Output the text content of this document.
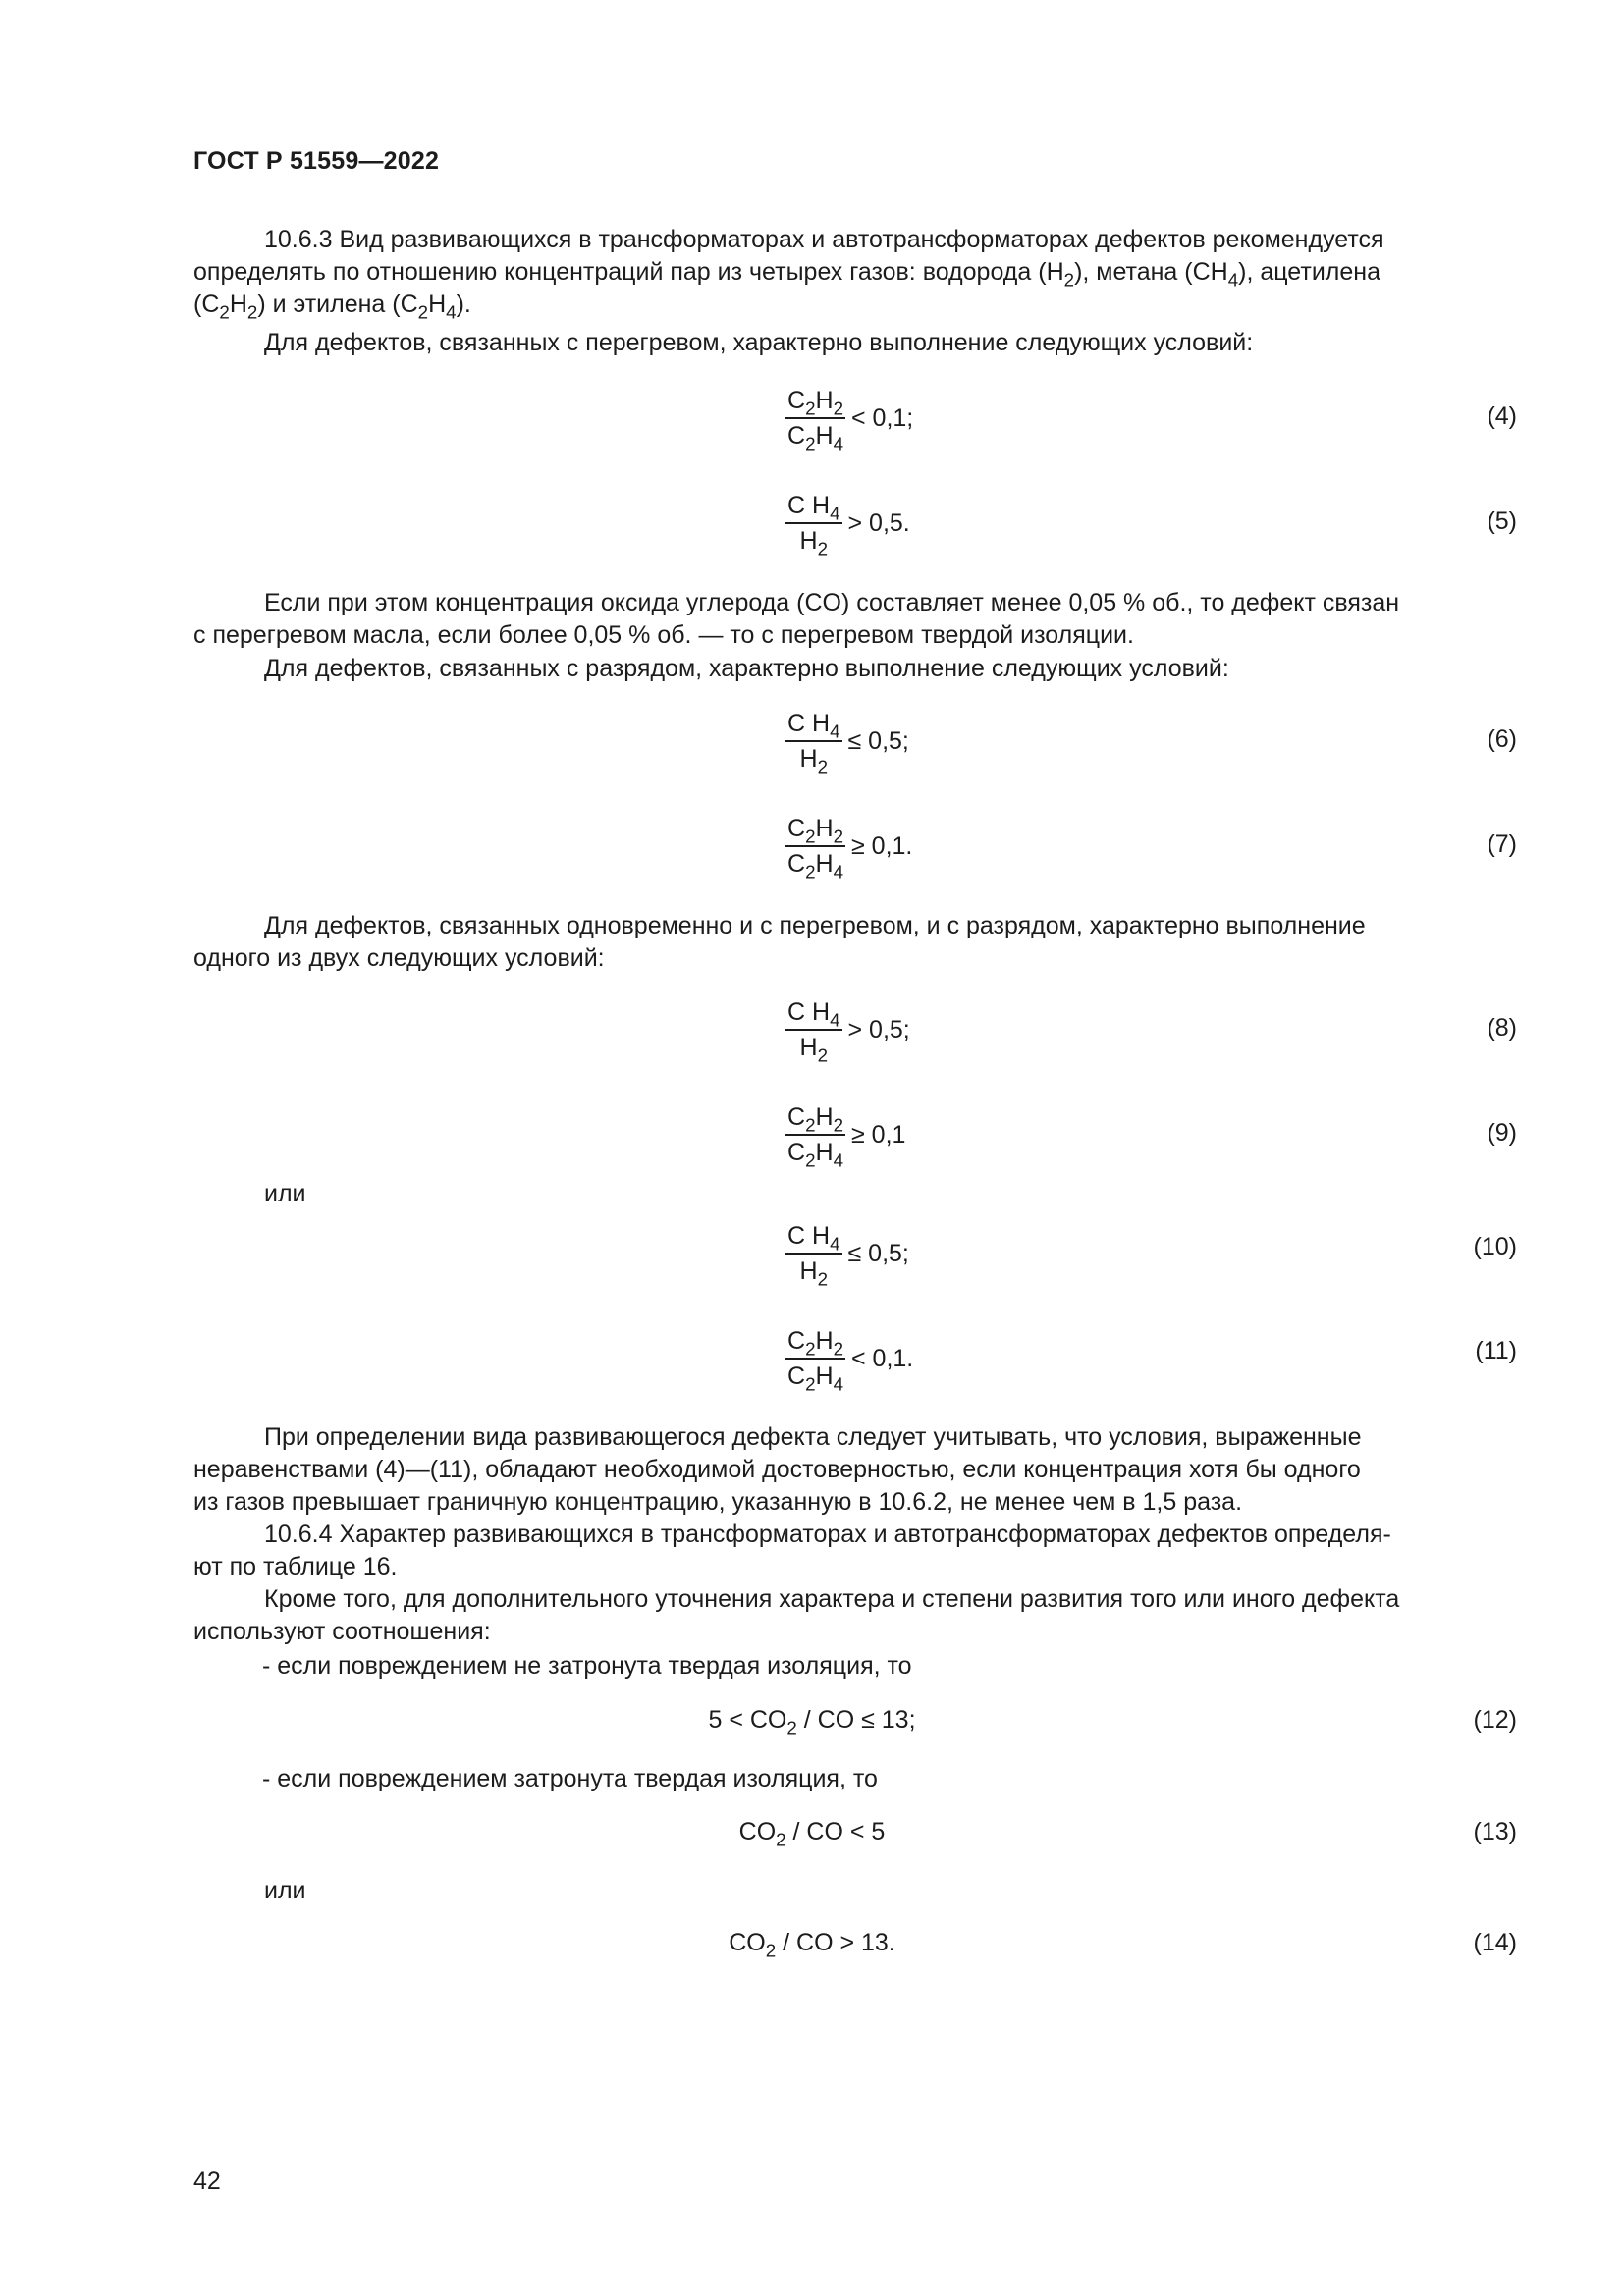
ГОСТ Р 51559—2022
10.6.3 Вид развивающихся в трансформаторах и автотрансформаторах дефектов рекомендуется
определять по отношению концентраций пар из четырех газов: водорода $(H_2)$, метана $(CH_4)$, ацетилена
$(C_2H_2)$ и этилена $(C_2H_4)$.
Для дефектов, связанных с перегревом, характерно выполнение следующих условий:
$\frac{C_2H_2}{C_2H_4} < 0,1$;	(4)
$\frac{C H_4}{H_2} > 0,5$.	(5)
Если при этом концентрация оксида углерода (CO) составляет менее 0,05 % об., то дефект связан
с перегревом масла, если более 0,05 % об. — то с перегревом твердой изоляции.
Для дефектов, связанных с разрядом, характерно выполнение следующих условий:
$\frac{C H_4}{H_2} \le 0,5$;	(6)
$\frac{C_2H_2}{C_2H_4} \ge 0,1$.	(7)
Для дефектов, связанных одновременно и с перегревом, и с разрядом, характерно выполнение
одного из двух следующих условий:
$\frac{C H_4}{H_2} > 0,5$;	(8)
$\frac{C_2H_2}{C_2H_4} \ge 0,1$	(9)
или
$\frac{C H_4}{H_2} \le 0,5$;	(10)
$\frac{C_2H_2}{C_2H_4} < 0,1$.	(11)
При определении вида развивающегося дефекта следует учитывать, что условия, выраженные
неравенствами (4)—(11), обладают необходимой достоверностью, если концентрация хотя бы одного
из газов превышает граничную концентрацию, указанную в 10.6.2, не менее чем в 1,5 раза.
10.6.4 Характер развивающихся в трансформаторах и автотрансформаторах дефектов определя-
ют по таблице 16.
Кроме того, для дополнительного уточнения характера и степени развития того или иного дефекта
используют соотношения:
- если повреждением не затронута твердая изоляция, то
$5 < CO_2$ / CO ≤ 13;	(12)
- если повреждением затронута твердая изоляция, то
$CO_2$ / CO < 5	(13)
или
$CO_2$ / CO > 13.	(14)
42
